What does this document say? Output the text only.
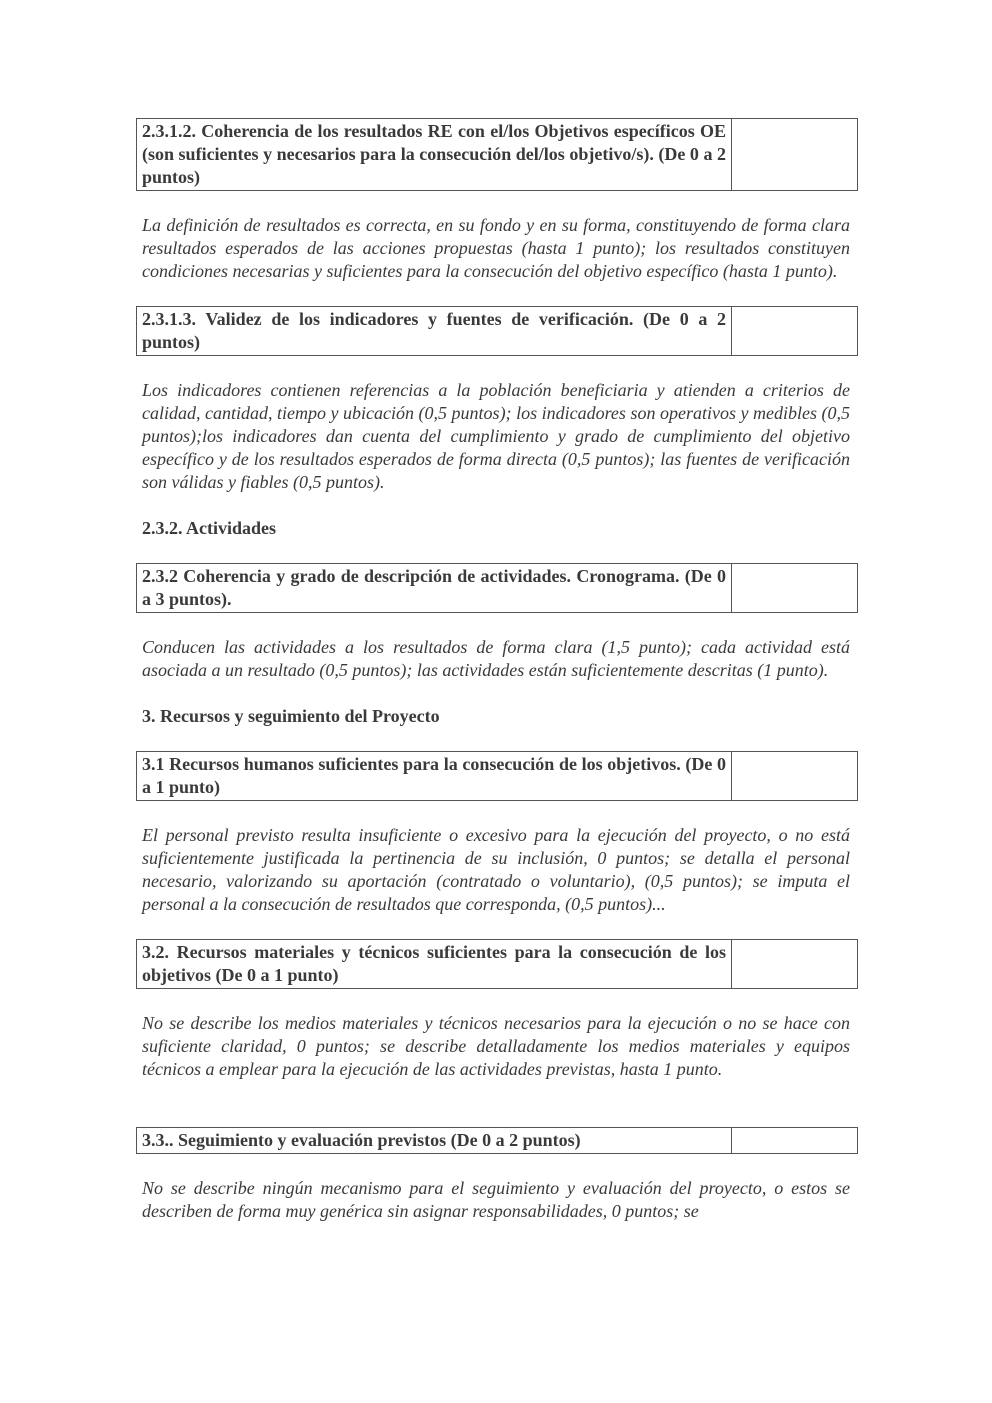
2.3.1.2. Coherencia de los resultados RE con el/los Objetivos específicos OE (son suficientes y necesarios para la consecución del/los objetivo/s). (De 0 a 2 puntos)

La definición de resultados es correcta, en su fondo y en su forma, constituyendo de forma clara resultados esperados de las acciones propuestas (hasta 1 punto); los resultados constituyen condiciones necesarias y suficientes para la consecución del objetivo específico (hasta 1 punto).

2.3.1.3. Validez de los indicadores y fuentes de verificación. (De 0 a 2 puntos)

Los indicadores contienen referencias a la población beneficiaria y atienden a criterios de calidad, cantidad, tiempo y ubicación (0,5 puntos); los indicadores son operativos y medibles (0,5 puntos);los indicadores dan cuenta del cumplimiento y grado de cumplimiento del objetivo específico y de los resultados esperados de forma directa (0,5 puntos); las fuentes de verificación son válidas y fiables (0,5 puntos).

2.3.2. Actividades

2.3.2 Coherencia y grado de descripción de actividades. Cronograma. (De 0 a 3 puntos).

Conducen las actividades a los resultados de forma clara (1,5 punto); cada actividad está asociada a un resultado (0,5 puntos); las actividades están suficientemente descritas (1 punto).

3. Recursos y seguimiento del Proyecto

3.1 Recursos humanos suficientes para la consecución de los objetivos. (De 0 a 1 punto)

El personal previsto resulta insuficiente o excesivo para la ejecución del proyecto, o no está suficientemente justificada la pertinencia de su inclusión, 0 puntos; se detalla el personal necesario, valorizando su aportación (contratado o voluntario), (0,5 puntos); se imputa el personal a la consecución de resultados que corresponda, (0,5 puntos)...

3.2. Recursos materiales y técnicos suficientes para la consecución de los objetivos (De 0 a 1 punto)

No se describe los medios materiales y técnicos necesarios para la ejecución o no se hace con suficiente claridad, 0 puntos; se describe detalladamente los medios materiales y equipos técnicos a emplear para la ejecución de las actividades previstas, hasta 1 punto.

3.3.. Seguimiento y evaluación previstos (De 0 a 2 puntos)

No se describe ningún mecanismo para el seguimiento y evaluación del proyecto, o estos se describen de forma muy genérica sin asignar responsabilidades, 0 puntos; se
